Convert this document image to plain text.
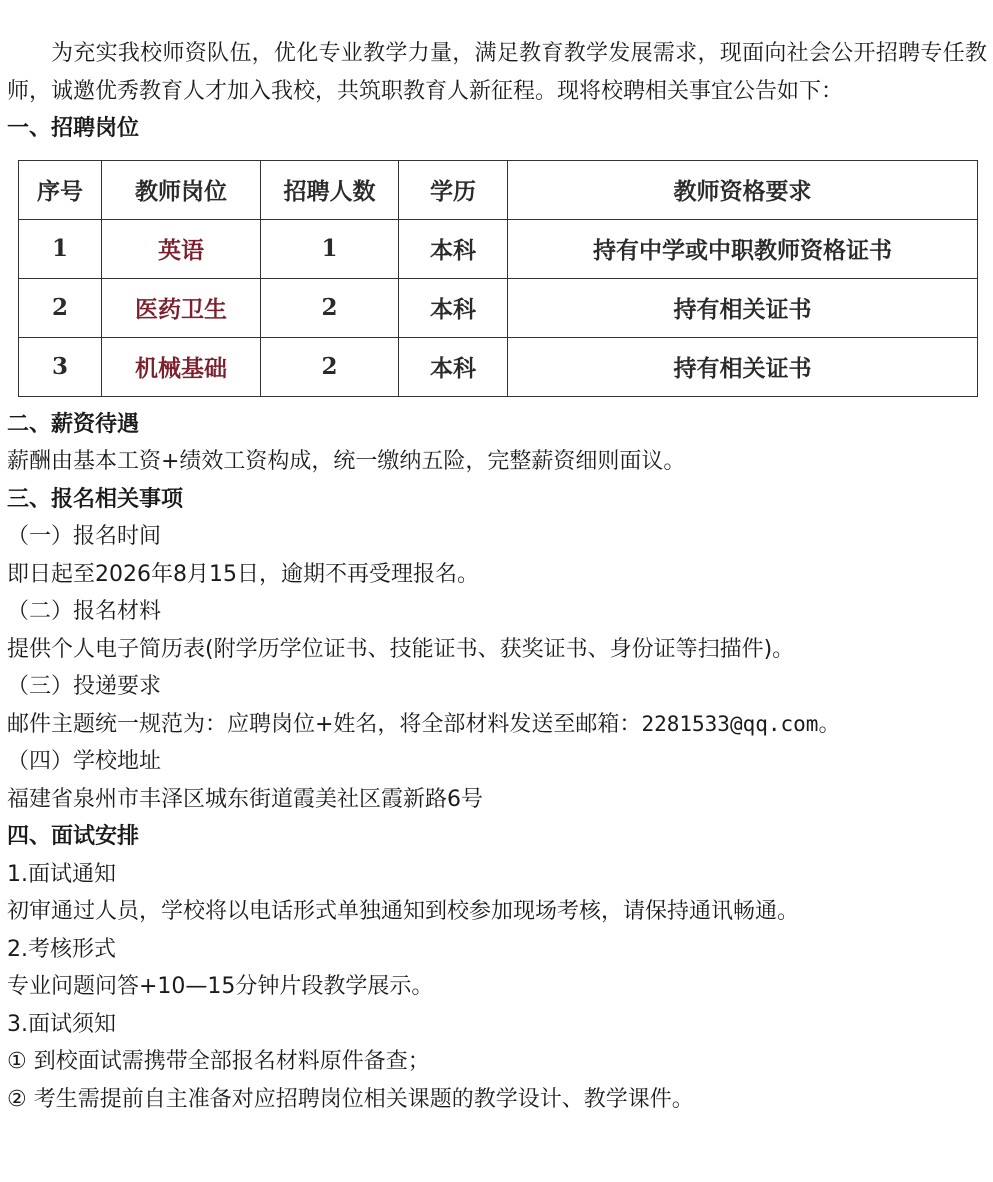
为充实我校师资队伍，优化专业教学力量，满足教育教学发展需求，现面向社会公开招聘专任教师，诚邀优秀教育人才加入我校，共筑职教育人新征程。现将校聘相关事宜公告如下：

一、招聘岗位
序号	教师岗位	招聘人数	学历	教师资格要求
1	英语	1	本科	持有中学或中职教师资格证书
2	医药卫生	2	本科	持有相关证书
3	机械基础	2	本科	持有相关证书
二、薪资待遇
薪酬由基本工资+绩效工资构成，统一缴纳五险，完整薪资细则面议。
三、报名相关事项
（一）报名时间
即日起至2026年8月15日，逾期不再受理报名。
（二）报名材料
提供个人电子简历表(附学历学位证书、技能证书、获奖证书、身份证等扫描件)。
（三）投递要求
邮件主题统一规范为：应聘岗位+姓名，将全部材料发送至邮箱：2281533@qq.com。
（四）学校地址
福建省泉州市丰泽区城东街道霞美社区霞新路6号
四、面试安排
1.面试通知
初审通过人员，学校将以电话形式单独通知到校参加现场考核，请保持通讯畅通。
2.考核形式
专业问题问答+10—15分钟片段教学展示。
3.面试须知
① 到校面试需携带全部报名材料原件备查；
② 考生需提前自主准备对应招聘岗位相关课题的教学设计、教学课件。
